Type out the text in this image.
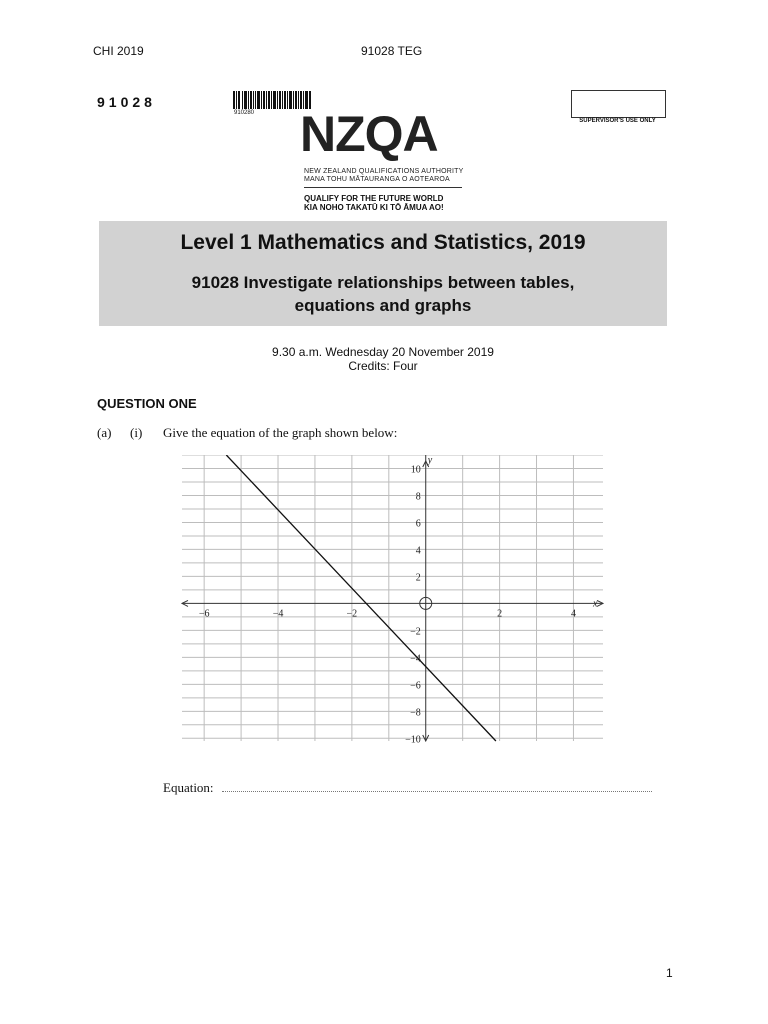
CHI 2019	91028 TEG
91028
910280
SUPERVISOR'S USE ONLY
NZQA
NEW ZEALAND QUALIFICATIONS AUTHORITY
MANA TOHU MĀTAURANGA O AOTEAROA
QUALIFY FOR THE FUTURE WORLD
KIA NOHO TAKATŪ KI TŌ ĀMUA AO!
Level 1 Mathematics and Statistics, 2019
91028 Investigate relationships between tables,
equations and graphs
9.30 a.m. Wednesday 20 November 2019
Credits: Four
QUESTION ONE
(a) (i) Give the equation of the graph shown below:
−6	−4	−2	2	4
10
8
6
4
2
−2
−4
−6
−8
−10
x
y
Equation:
1
